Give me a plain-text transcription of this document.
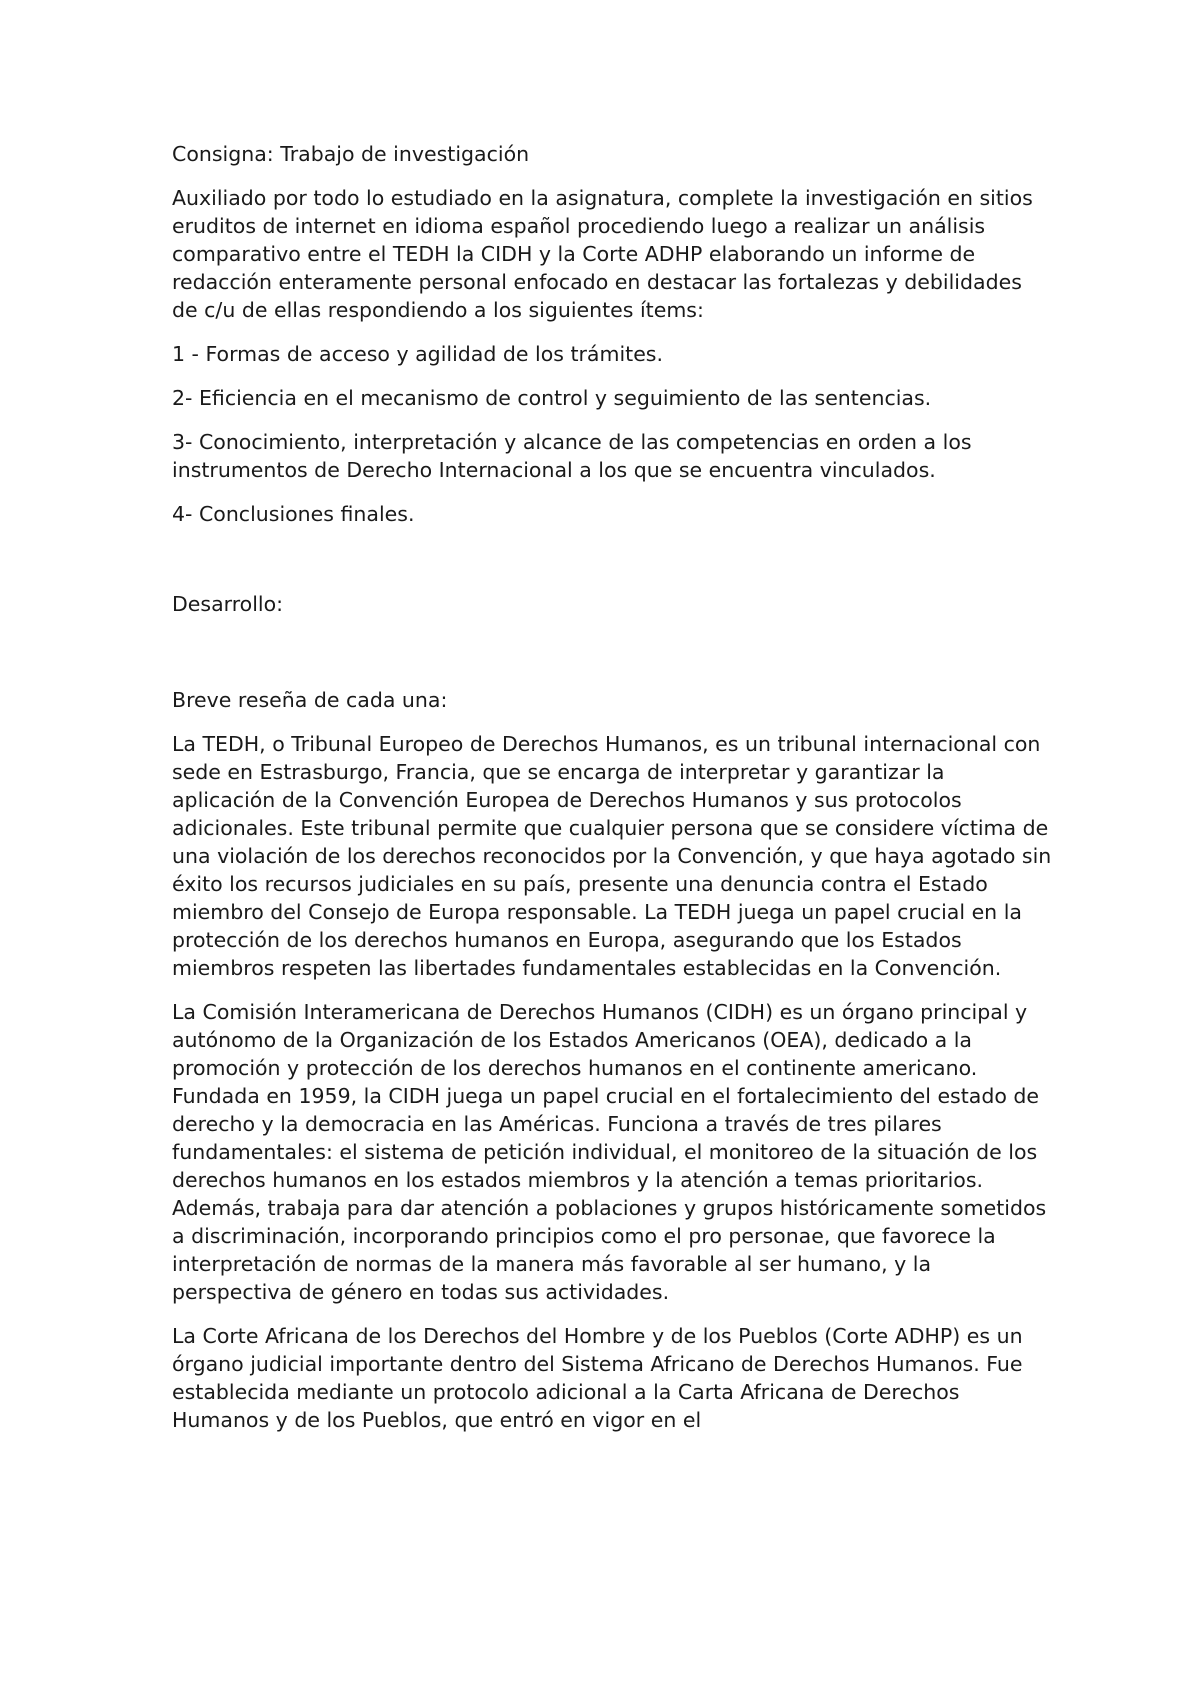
Consigna: Trabajo de investigación

Auxiliado por todo lo estudiado en la asignatura, complete la investigación en sitios eruditos de internet en idioma español procediendo luego a realizar un análisis comparativo entre el TEDH la CIDH y la Corte ADHP elaborando un informe de redacción enteramente personal enfocado en destacar las fortalezas y debilidades de c/u de ellas respondiendo a los siguientes ítems:

1 - Formas de acceso y agilidad de los trámites.

2- Eficiencia en el mecanismo de control y seguimiento de las sentencias.

3- Conocimiento, interpretación y alcance de las competencias en orden a los instrumentos de Derecho Internacional a los que se encuentra vinculados.

4- Conclusiones finales.

Desarrollo:

Breve reseña de cada una:

La TEDH, o Tribunal Europeo de Derechos Humanos, es un tribunal internacional con sede en Estrasburgo, Francia, que se encarga de interpretar y garantizar la aplicación de la Convención Europea de Derechos Humanos y sus protocolos adicionales. Este tribunal permite que cualquier persona que se considere víctima de una violación de los derechos reconocidos por la Convención, y que haya agotado sin éxito los recursos judiciales en su país, presente una denuncia contra el Estado miembro del Consejo de Europa responsable. La TEDH juega un papel crucial en la protección de los derechos humanos en Europa, asegurando que los Estados miembros respeten las libertades fundamentales establecidas en la Convención.

La Comisión Interamericana de Derechos Humanos (CIDH) es un órgano principal y autónomo de la Organización de los Estados Americanos (OEA), dedicado a la promoción y protección de los derechos humanos en el continente americano. Fundada en 1959, la CIDH juega un papel crucial en el fortalecimiento del estado de derecho y la democracia en las Américas. Funciona a través de tres pilares fundamentales: el sistema de petición individual, el monitoreo de la situación de los derechos humanos en los estados miembros y la atención a temas prioritarios. Además, trabaja para dar atención a poblaciones y grupos históricamente sometidos a discriminación, incorporando principios como el pro personae, que favorece la interpretación de normas de la manera más favorable al ser humano, y la perspectiva de género en todas sus actividades.

La Corte Africana de los Derechos del Hombre y de los Pueblos (Corte ADHP) es un órgano judicial importante dentro del Sistema Africano de Derechos Humanos. Fue establecida mediante un protocolo adicional a la Carta Africana de Derechos Humanos y de los Pueblos, que entró en vigor en el
